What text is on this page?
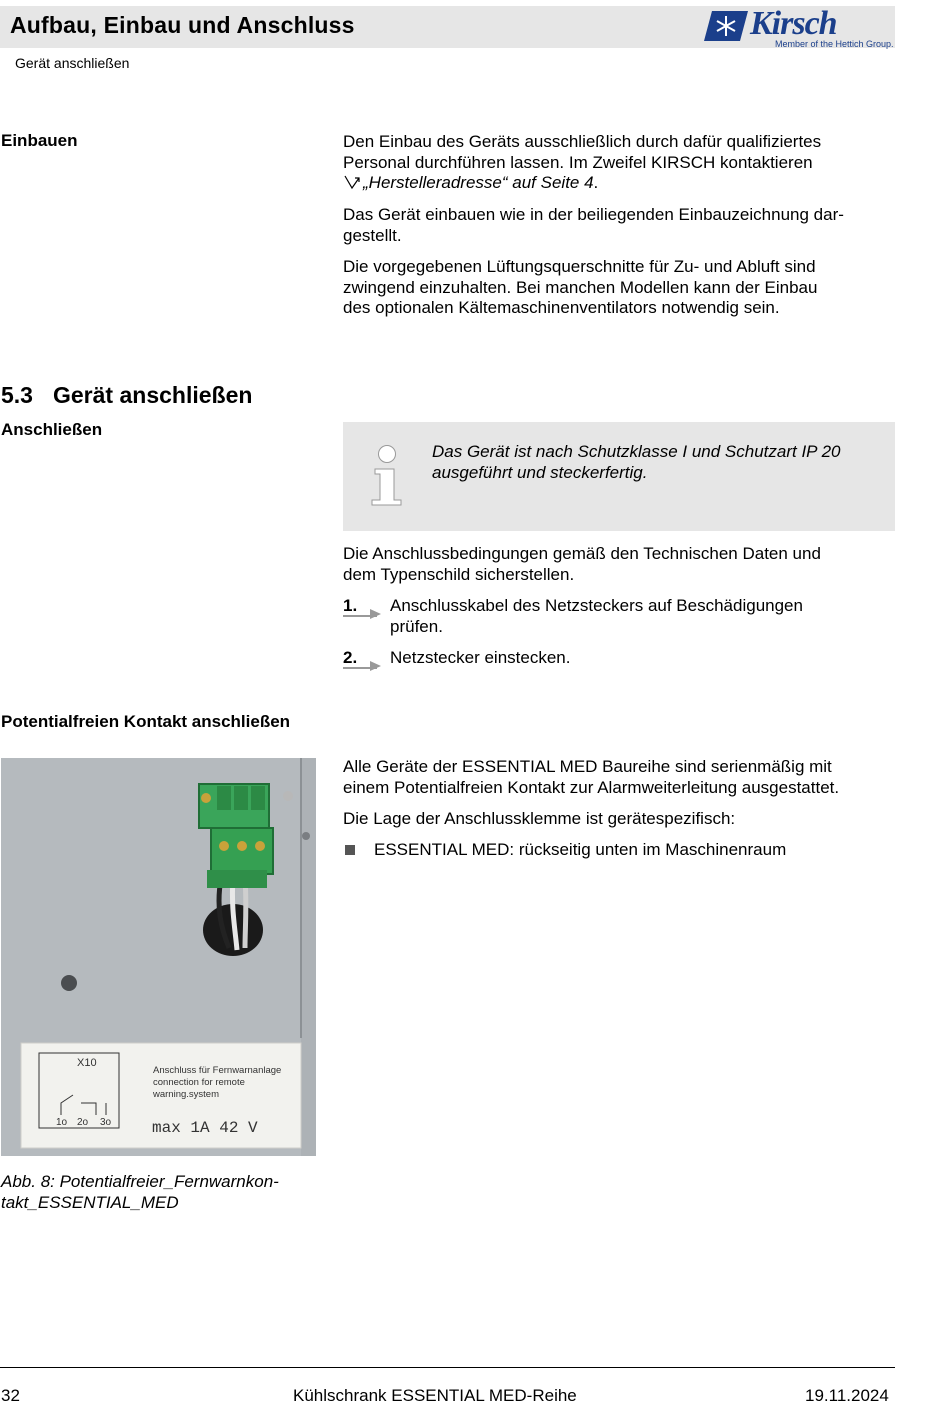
Aufbau, Einbau und Anschluss
Gerät anschließen
Kirsch
Member of the Hettich Group.
Einbauen	Den Einbau des Geräts ausschließlich durch dafür qualifiziertes
Personal durchführen lassen. Im Zweifel KIRSCH kontaktieren
„Herstelleradresse“ auf Seite 4.
Das Gerät einbauen wie in der beiliegenden Einbauzeichnung dar-
gestellt.
Die vorgegebenen Lüftungsquerschnitte für Zu- und Abluft sind
zwingend einzuhalten. Bei manchen Modellen kann der Einbau
des optionalen Kältemaschinenventilators notwendig sein.
5.3 Gerät anschließen
Anschließen
Das Gerät ist nach Schutzklasse I und Schutzart IP 20
ausgeführt und steckerfertig.
Die Anschlussbedingungen gemäß den Technischen Daten und
dem Typenschild sicherstellen.
1. Anschlusskabel des Netzsteckers auf Beschädigungen
prüfen.
2. Netzstecker einstecken.
Potentialfreien Kontakt anschließen
Alle Geräte der ESSENTIAL MED Baureihe sind serienmäßig mit
einem Potentialfreien Kontakt zur Alarmweiterleitung ausgestattet.
Die Lage der Anschlussklemme ist gerätespezifisch:
ESSENTIAL MED: rückseitig unten im Maschinenraum
X10
1o 2o 3o
Anschluss für Fernwarnanlage
connection for remote
warning.system
max 1A 42 V
Abb. 8: Potentialfreier_Fernwarnkon-
takt_ESSENTIAL_MED
32	Kühlschrank ESSENTIAL MED-Reihe	19.11.2024
